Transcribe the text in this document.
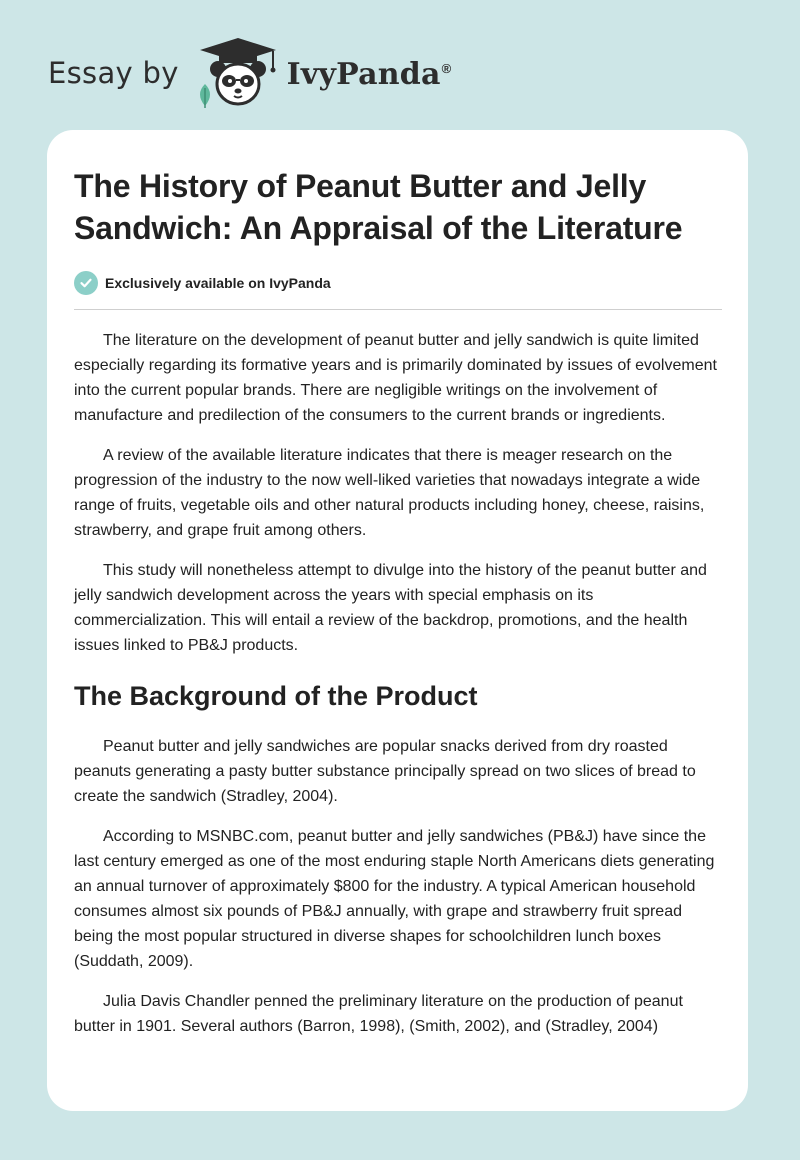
Essay by	IvyPanda®
The History of Peanut Butter and Jelly Sandwich: An Appraisal of the Literature
Exclusively available on IvyPanda

The literature on the development of peanut butter and jelly sandwich is quite limited especially regarding its formative years and is primarily dominated by issues of evolvement into the current popular brands. There are negligible writings on the involvement of manufacture and predilection of the consumers to the current brands or ingredients.

A review of the available literature indicates that there is meager research on the progression of the industry to the now well-liked varieties that nowadays integrate a wide range of fruits, vegetable oils and other natural products including honey, cheese, raisins, strawberry, and grape fruit among others.

This study will nonetheless attempt to divulge into the history of the peanut butter and jelly sandwich development across the years with special emphasis on its commercialization. This will entail a review of the backdrop, promotions, and the health issues linked to PB&J products.

The Background of the Product

Peanut butter and jelly sandwiches are popular snacks derived from dry roasted peanuts generating a pasty butter substance principally spread on two slices of bread to create the sandwich (Stradley, 2004).

According to MSNBC.com, peanut butter and jelly sandwiches (PB&J) have since the last century emerged as one of the most enduring staple North Americans diets generating an annual turnover of approximately $800 for the industry. A typical American household consumes almost six pounds of PB&J annually, with grape and strawberry fruit spread being the most popular structured in diverse shapes for schoolchildren lunch boxes (Suddath, 2009).

Julia Davis Chandler penned the preliminary literature on the production of peanut butter in 1901. Several authors (Barron, 1998), (Smith, 2002), and (Stradley, 2004)
